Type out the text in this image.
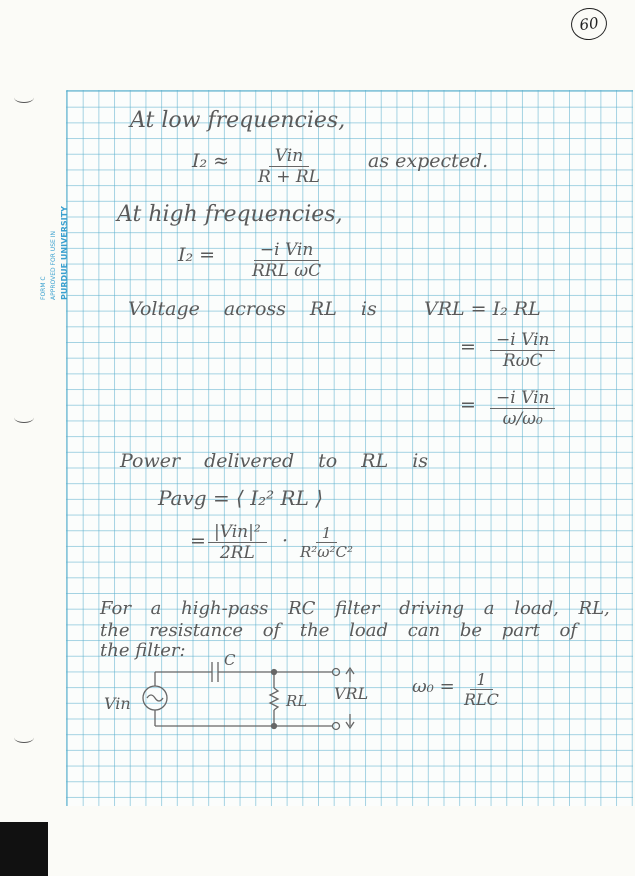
60
FORM C APPROVED FOR USE IN PURDUE UNIVERSITY
At low frequencies,
I₂ ≈	Vin
R + RL
as expected.
At high frequencies,
I₂ =	−i Vin
RRL ωC
Voltage across RL is VRL = I₂ RL
=	−i Vin
RωC
=	−i Vin
ω/ω₀
Power delivered to RL is
Pavg = ⟨ I₂² RL ⟩
= |Vin|²
2RL
· $\frac{1}{\text{R²ω²C²}}$
For a high-pass RC filter driving a load, RL,
the resistance of the load can be part of
the filter:	C
RL
Vin
VRL ω₀ =	1
RLC
